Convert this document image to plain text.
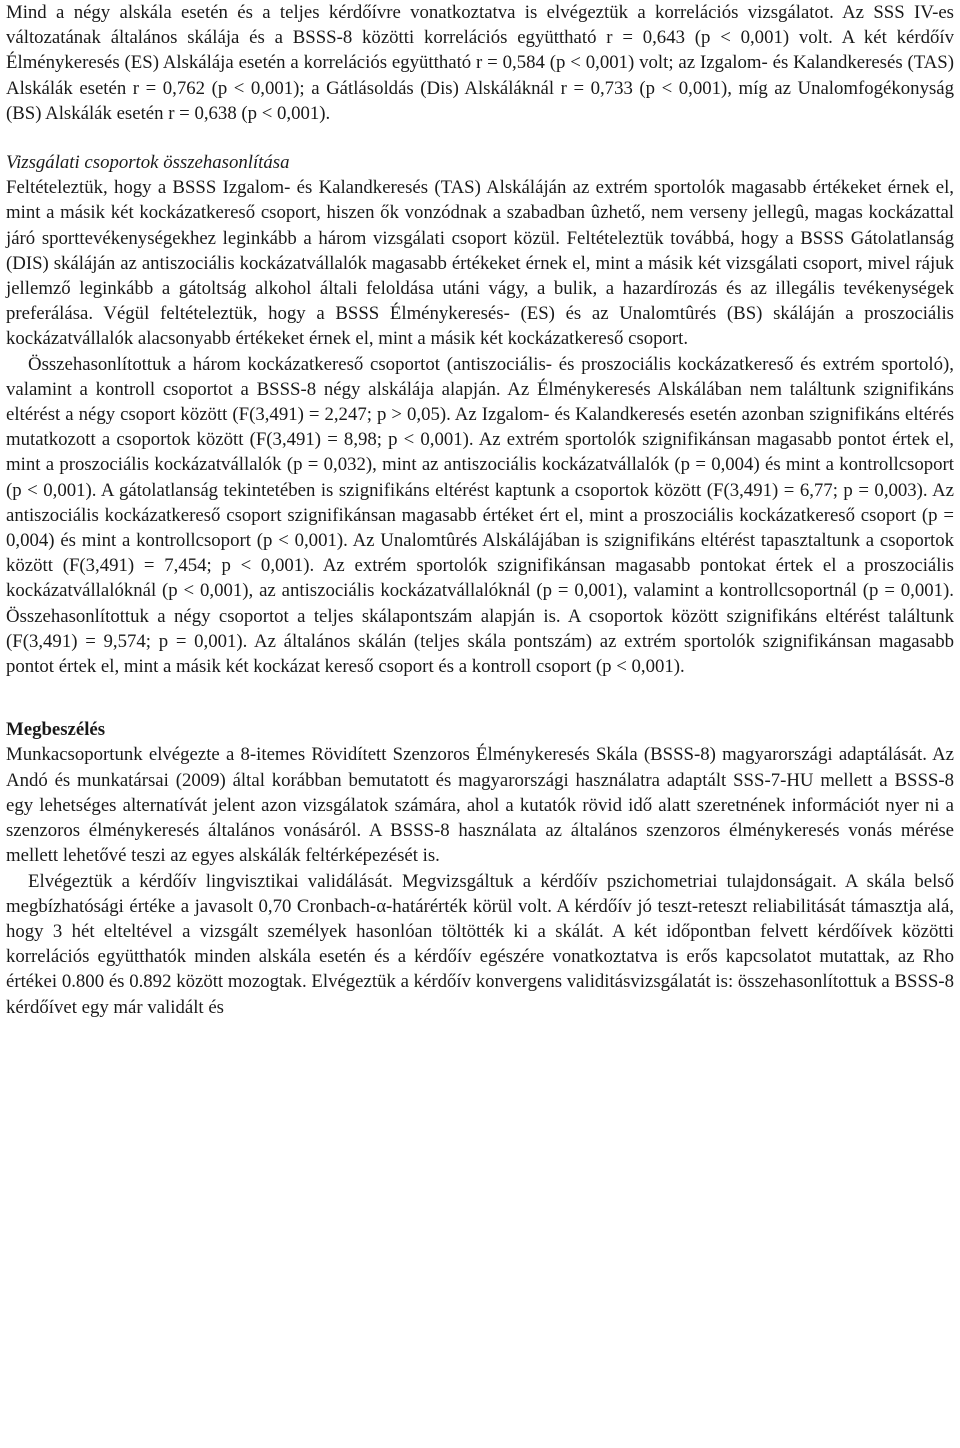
Mind a négy alskála esetén és a teljes kérdőívre vonatkoztatva is elvégeztük a korrelációs vizsgálatot. Az SSS IV-es változatának általános skálája és a BSSS-8 közötti korrelációs együttható r = 0,643 (p < 0,001) volt. A két kérdőív Élménykeresés (ES) Alskálája esetén a korrelációs együttható r = 0,584 (p < 0,001) volt; az Izgalom- és Kalandkeresés (TAS) Alskálák esetén r = 0,762 (p < 0,001); a Gátlásoldás (Dis) Alskáláknál r = 0,733 (p < 0,001), míg az Unalomfogékonyság (BS) Alskálák esetén r = 0,638 (p < 0,001).

Vizsgálati csoportok összehasonlítása

Feltételeztük, hogy a BSSS Izgalom- és Kalandkeresés (TAS) Alskáláján az extrém sportolók magasabb értékeket érnek el, mint a másik két kockázatkereső csoport, hiszen ők vonzódnak a szabadban ûzhető, nem verseny jellegû, magas kockázattal járó sporttevékenységekhez leginkább a három vizsgálati csoport közül. Feltételeztük továbbá, hogy a BSSS Gátolatlanság (DIS) skáláján az antiszociális kockázatvállalók magasabb értékeket érnek el, mint a másik két vizsgálati csoport, mivel rájuk jellemző leginkább a gátoltság alkohol általi feloldása utáni vágy, a bulik, a hazardírozás és az illegális tevékenységek preferálása. Végül feltételeztük, hogy a BSSS Élménykeresés- (ES) és az Unalomtûrés (BS) skáláján a proszociális kockázatvállalók alacsonyabb értékeket érnek el, mint a másik két kockázatkereső csoport.

Összehasonlítottuk a három kockázatkereső csoportot (antiszociális- és proszociális kockázatkereső és extrém sportoló), valamint a kontroll csoportot a BSSS-8 négy alskálája alapján. Az Élménykeresés Alskálában nem találtunk szignifikáns eltérést a négy csoport között (F(3,491) = 2,247; p > 0,05). Az Izgalom- és Kalandkeresés esetén azonban szignifikáns eltérés mutatkozott a csoportok között (F(3,491) = 8,98; p < 0,001). Az extrém sportolók szignifikánsan magasabb pontot értek el, mint a proszociális kockázatvállalók (p = 0,032), mint az antiszociális kockázatvállalók (p = 0,004) és mint a kontrollcsoport (p < 0,001). A gátolatlanság tekintetében is szignifikáns eltérést kaptunk a csoportok között (F(3,491) = 6,77; p = 0,003). Az antiszociális kockázatkereső csoport szignifikánsan magasabb értéket ért el, mint a proszociális kockázatkereső csoport (p = 0,004) és mint a kontrollcsoport (p < 0,001). Az Unalomtûrés Alskálájában is szignifikáns eltérést tapasztaltunk a csoportok között (F(3,491) = 7,454; p < 0,001). Az extrém sportolók szignifikánsan magasabb pontokat értek el a proszociális kockázatvállalóknál (p < 0,001), az antiszociális kockázatvállalóknál (p = 0,001), valamint a kontrollcsoportnál (p = 0,001). Összehasonlítottuk a négy csoportot a teljes skálapontszám alapján is. A csoportok között szignifikáns eltérést találtunk (F(3,491) = 9,574; p = 0,001). Az általános skálán (teljes skála pontszám) az extrém sportolók szignifikánsan magasabb pontot értek el, mint a másik két kockázat kereső csoport és a kontroll csoport (p < 0,001).

Megbeszélés

Munkacsoportunk elvégezte a 8-itemes Rövidített Szenzoros Élménykeresés Skála (BSSS-8) magyarországi adaptálását. Az Andó és munkatársai (2009) által korábban bemutatott és magyarországi használatra adaptált SSS-7-HU mellett a BSSS-8 egy lehetséges alternatívát jelent azon vizsgálatok számára, ahol a kutatók rövid idő alatt szeretnének információt nyer ni a szenzoros élménykeresés általános vonásáról. A BSSS-8 használata az általános szenzoros élménykeresés vonás mérése mellett lehetővé teszi az egyes alskálák feltérképezését is.

Elvégeztük a kérdőív lingvisztikai validálását. Megvizsgáltuk a kérdőív pszichometriai tulajdonságait. A skála belső megbízhatósági értéke a javasolt 0,70 Cronbach-α-határérték körül volt. A kérdőív jó teszt-reteszt reliabilitását támasztja alá, hogy 3 hét elteltével a vizsgált személyek hasonlóan töltötték ki a skálát. A két időpontban felvett kérdőívek közötti korrelációs együtthatók minden alskála esetén és a kérdőív egészére vonatkoztatva is erős kapcsolatot mutattak, az Rho értékei 0.800 és 0.892 között mozogtak. Elvégeztük a kérdőív konvergens validitásvizsgálatát is: összehasonlítottuk a BSSS-8 kérdőívet egy már validált és
